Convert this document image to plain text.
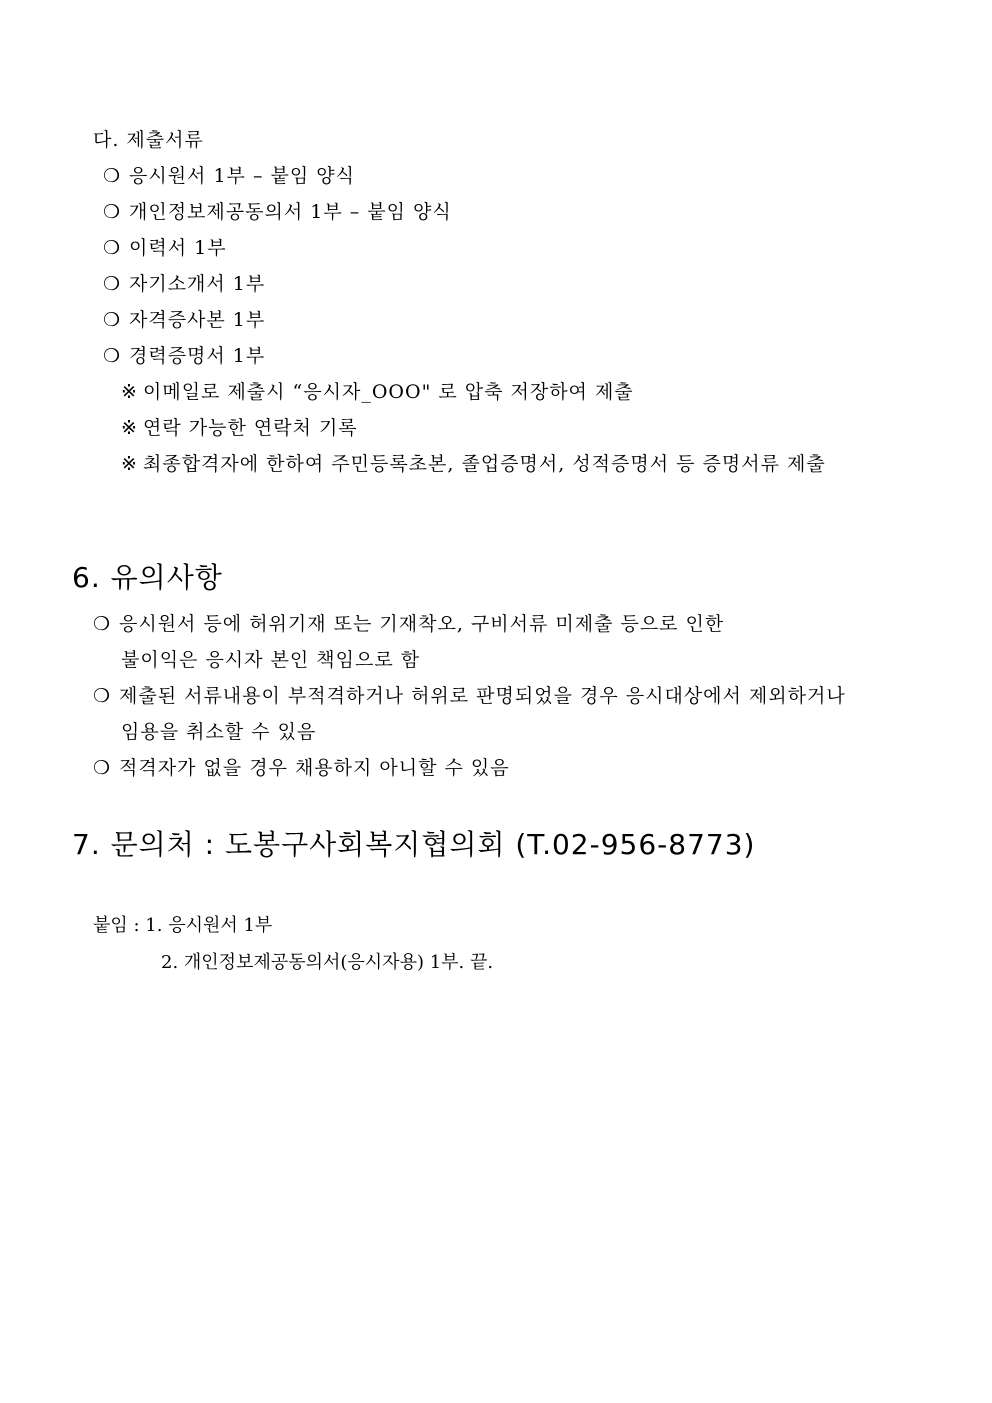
다. 제출서류
❍ 응시원서 1부 – 붙임 양식
❍ 개인정보제공동의서 1부 – 붙임 양식
❍ 이력서 1부
❍ 자기소개서 1부
❍ 자격증사본 1부
❍ 경력증명서 1부
※ 이메일로 제출시 “응시자_OOO" 로 압축 저장하여 제출
※ 연락 가능한 연락처 기록
※ 최종합격자에 한하여 주민등록초본, 졸업증명서, 성적증명서 등 증명서류 제출
6. 유의사항
❍ 응시원서 등에 허위기재 또는 기재착오, 구비서류 미제출 등으로 인한
불이익은 응시자 본인 책임으로 함
❍ 제출된 서류내용이 부적격하거나 허위로 판명되었을 경우 응시대상에서 제외하거나
임용을 취소할 수 있음
❍ 적격자가 없을 경우 채용하지 아니할 수 있음
7. 문의처 : 도봉구사회복지협의회 (T.02-956-8773)
붙임 : 1. 응시원서 1부
2. 개인정보제공동의서(응시자용) 1부. 끝.
